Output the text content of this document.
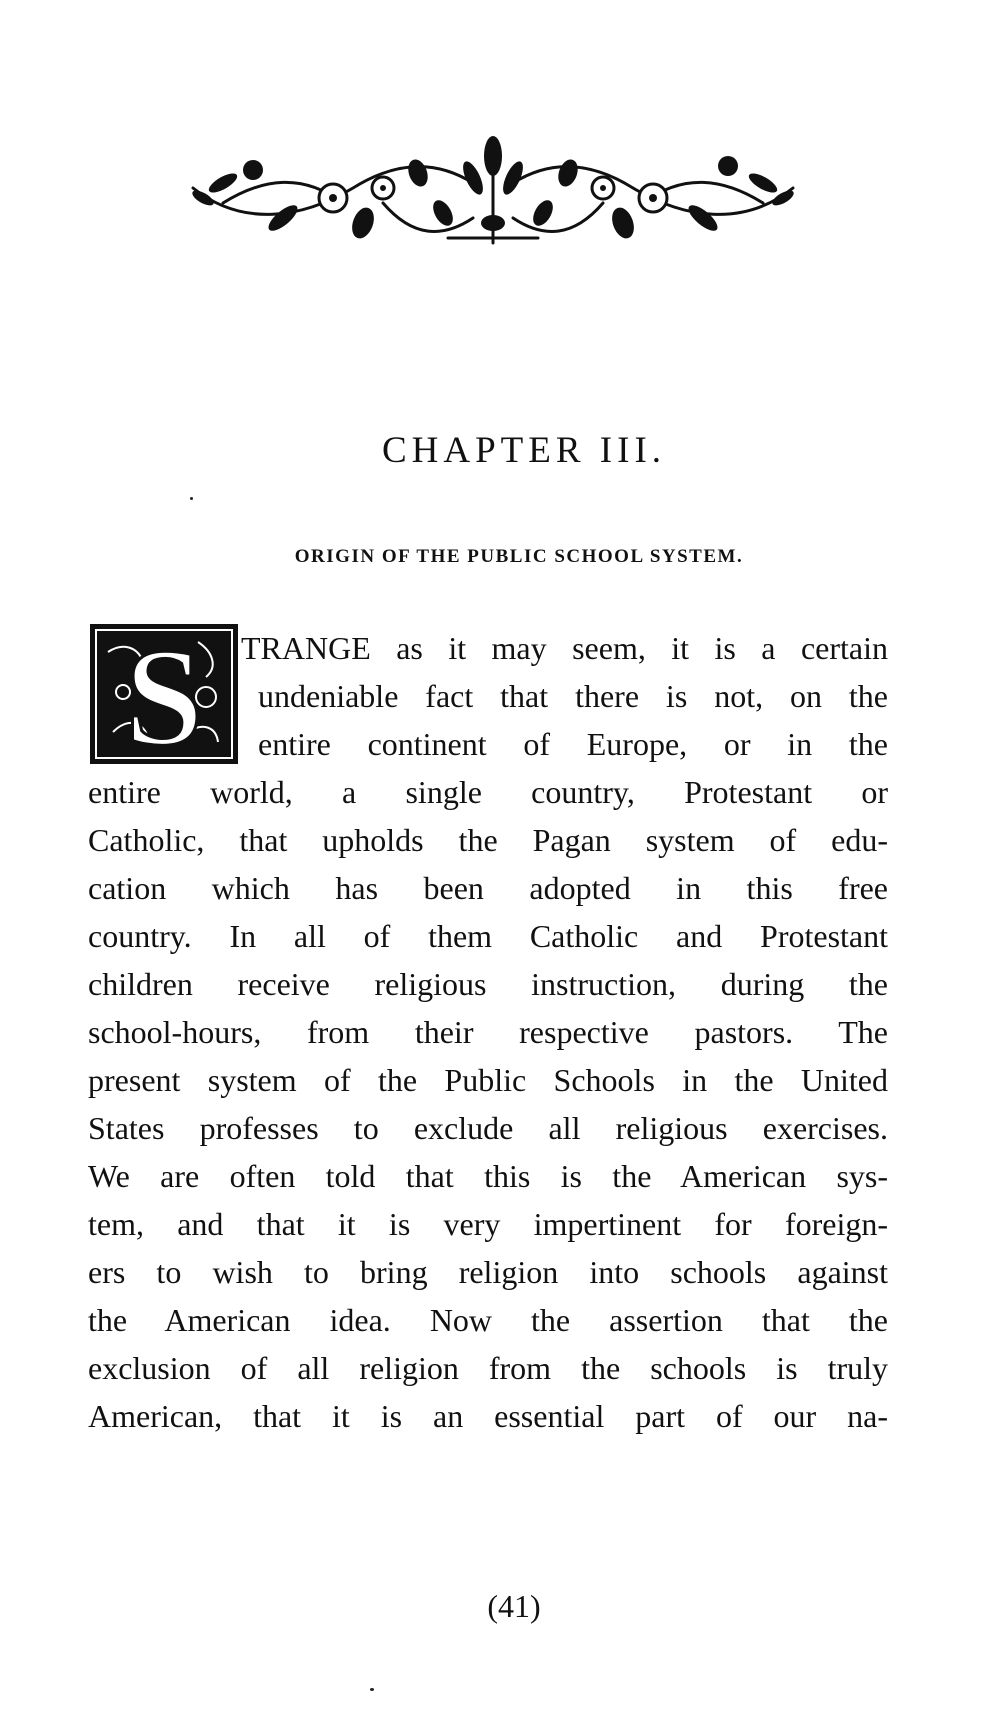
CHAPTER III.
ORIGIN OF THE PUBLIC SCHOOL SYSTEM.
S TRANGE as it may seem, it is a certain
undeniable fact that there is not, on the
entire continent of Europe, or in the
entire world, a single country, Protestant or
Catholic, that upholds the Pagan system of edu-
cation which has been adopted in this free
country. In all of them Catholic and Protestant
children receive religious instruction, during the
school-hours, from their respective pastors. The
present system of the Public Schools in the United
States professes to exclude all religious exercises.
We are often told that this is the American sys-
tem, and that it is very impertinent for foreign-
ers to wish to bring religion into schools against
the American idea. Now the assertion that the
exclusion of all religion from the schools is truly
American, that it is an essential part of our na-
(41)
